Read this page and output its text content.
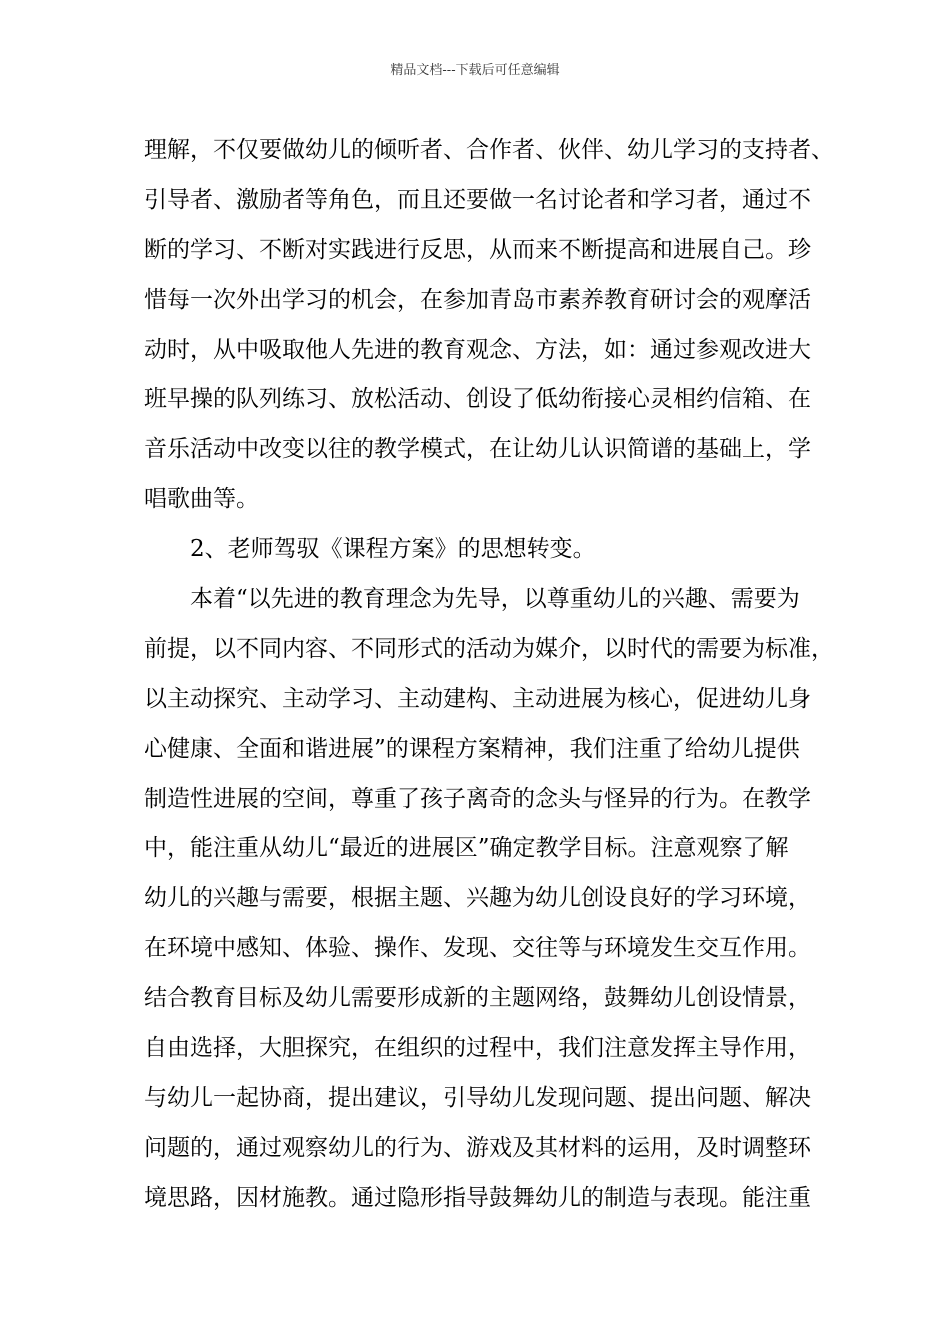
精品文档---下载后可任意编辑
理解，不仅要做幼儿的倾听者、合作者、伙伴、幼儿学习的支持者、
引导者、激励者等角色，而且还要做一名讨论者和学习者，通过不
断的学习、不断对实践进行反思，从而来不断提高和进展自己。珍
惜每一次外出学习的机会，在参加青岛市素养教育研讨会的观摩活
动时，从中吸取他人先进的教育观念、方法，如：通过参观改进大
班早操的队列练习、放松活动、创设了低幼衔接心灵相约信箱、在
音乐活动中改变以往的教学模式，在让幼儿认识简谱的基础上，学
唱歌曲等。
2、老师驾驭《课程方案》的思想转变。
本着“以先进的教育理念为先导，以尊重幼儿的兴趣、需要为
前提，以不同内容、不同形式的活动为媒介，以时代的需要为标准，
以主动探究、主动学习、主动建构、主动进展为核心，促进幼儿身
心健康、全面和谐进展”的课程方案精神，我们注重了给幼儿提供
制造性进展的空间，尊重了孩子离奇的念头与怪异的行为。在教学
中，能注重从幼儿“最近的进展区”确定教学目标。注意观察了解
幼儿的兴趣与需要，根据主题、兴趣为幼儿创设良好的学习环境，
在环境中感知、体验、操作、发现、交往等与环境发生交互作用。
结合教育目标及幼儿需要形成新的主题网络，鼓舞幼儿创设情景，
自由选择，大胆探究，在组织的过程中，我们注意发挥主导作用，
与幼儿一起协商，提出建议，引导幼儿发现问题、提出问题、解决
问题的，通过观察幼儿的行为、游戏及其材料的运用，及时调整环
境思路，因材施教。通过隐形指导鼓舞幼儿的制造与表现。能注重
